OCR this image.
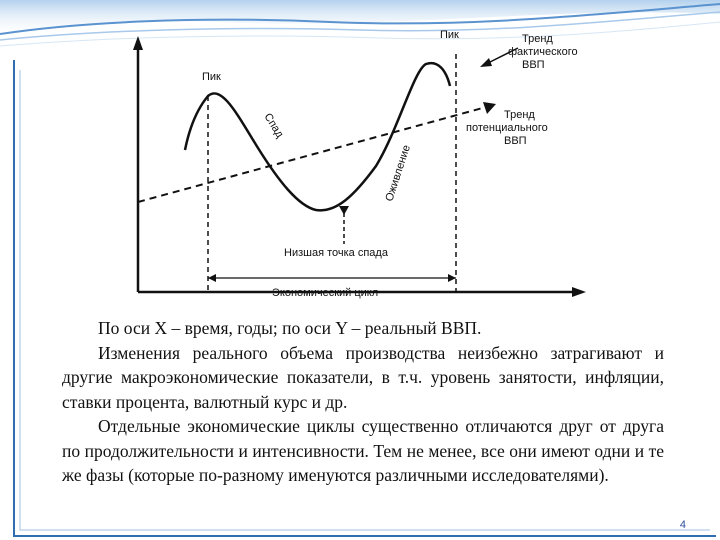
Пик
Пик
Спад
Оживление
Низшая точка спада
Экономический цикл
Тренд фактического ВВП
Тренд потенциального ВВП

По оси X – время, годы; по оси Y – реальный ВВП.

Изменения реального объема производства неизбежно затрагивают и другие макроэкономические показатели, в т.ч. уровень занятости, инфляции, ставки процента, валютный курс и др.

Отдельные экономические циклы существенно отличаются друг от друга по продолжительности и интенсивности. Тем не менее, все они имеют одни и те же фазы (которые по-разному именуются различными исследователями).

4
